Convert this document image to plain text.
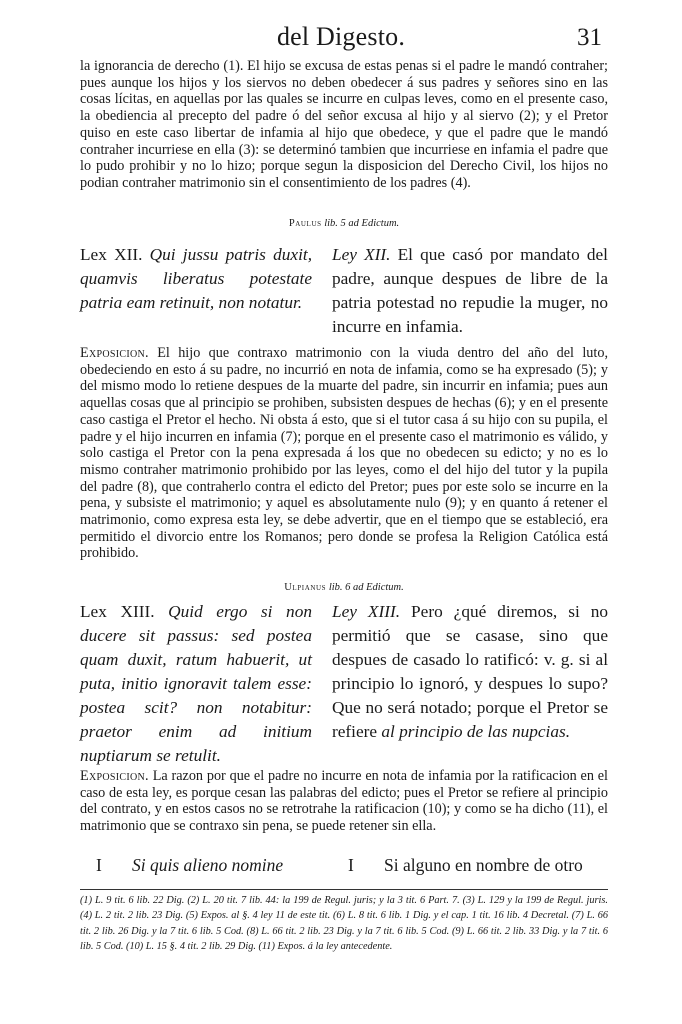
del Digesto.	31

la ignorancia de derecho (1). El hijo se excusa de estas penas si el padre le mandó contraher; pues aunque los hijos y los siervos no deben obedecer á sus padres y señores sino en las cosas lícitas, en aquellas por las quales se incurre en culpas leves, como en el presente caso, la obediencia al precepto del padre ó del señor excusa al hijo y al siervo (2); y el Pretor quiso en este caso libertar de infamia al hijo que obedece, y que el padre que le mandó contraher incurriese en ella (3): se determinó tambien que incurriese en infamia el padre que lo pudo prohibir y no lo hizo; porque segun la disposicion del Derecho Civil, los hijos no podian contraher matrimonio sin el consentimiento de los padres (4).

Paulus lib. 5 ad Edictum.
Lex XII. Qui jussu patris duxit, quamvis liberatus potestate patria eam retinuit, non notatur.
Ley XII. El que casó por mandato del padre, aunque despues de libre de la patria potestad no repudie la muger, no incurre en infamia.

Exposicion. El hijo que contraxo matrimonio con la viuda dentro del año del luto, obedeciendo en esto á su padre, no incurrió en nota de infamia, como se ha expresado (5); y del mismo modo lo retiene despues de la muarte del padre, sin incurrir en infamia; pues aun aquellas cosas que al principio se prohiben, subsisten despues de hechas (6); y en el presente caso castiga el Pretor el hecho. Ni obsta á esto, que si el tutor casa á su hijo con su pupila, el padre y el hijo incurren en infamia (7); porque en el presente caso el matrimonio es válido, y solo castiga el Pretor con la pena expresada á los que no obedecen su edicto; y no es lo mismo contraher matrimonio prohibido por las leyes, como el del hijo del tutor y la pupila del padre (8), que contraherlo contra el edicto del Pretor; pues por este solo se incurre en la pena, y subsiste el matrimonio; y aquel es absolutamente nulo (9); y en quanto á retener el matrimonio, como expresa esta ley, se debe advertir, que en el tiempo que se estableció, era permitido el divorcio entre los Romanos; pero donde se profesa la Religion Católica está prohibido.

Ulpianus lib. 6 ad Edictum.
Lex XIII. Quid ergo si non ducere sit passus: sed postea quam duxit, ratum habuerit, ut puta, initio ignoravit talem esse: postea scit? non notabitur: praetor enim ad initium nuptiarum se retulit.
Ley XIII. Pero ¿qué diremos, si no permitió que se casase, sino que despues de casado lo ratificó: v. g. si al principio lo ignoró, y despues lo supo? Que no será notado; porque el Pretor se refiere al principio de las nupcias.

Exposicion. La razon por que el padre no incurre en nota de infamia por la ratificacion en el caso de esta ley, es porque cesan las palabras del edicto; pues el Pretor se refiere al principio del contrato, y en estos casos no se retrotrahe la ratificacion (10); y como se ha dicho (11), el matrimonio que se contraxo sin pena, se puede retener sin ella.

I Si quis alieno nomine	I Si alguno en nombre de otro
(1) L. 9 tit. 6 lib. 22 Dig. (2) L. 20 tit. 7 lib. 44: la 199 de Regul. juris; y la 3 tit. 6 Part. 7. (3) L. 129 y la 199 de Regul. juris. (4) L. 2 tit. 2 lib. 23 Dig. (5) Expos. al §. 4 ley 11 de este tit. (6) L. 8 tit. 6 lib. 1 Dig. y el cap. 1 tit. 16 lib. 4 Decretal. (7) L. 66 tit. 2 lib. 26 Dig. y la 7 tit. 6 lib. 5 Cod. (8) L. 66 tit. 2 lib. 23 Dig. y la 7 tit. 6 lib. 5 Cod. (9) L. 66 tit. 2 lib. 33 Dig. y la 7 tit. 6 lib. 5 Cod. (10) L. 15 §. 4 tit. 2 lib. 29 Dig. (11) Expos. á la ley antecedente.
